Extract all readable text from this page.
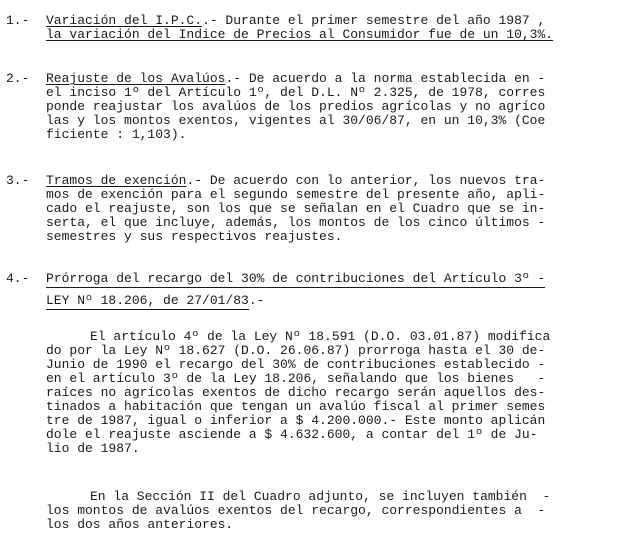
1.- Variación del I.P.C..- Durante el primer semestre del año 1987 ,
la variación del Indice de Precios al Consumidor fue de un 10,3%.
2.- Reajuste de los Avalúos.- De acuerdo a la norma establecida en -
el inciso 1º del Artículo 1º, del D.L. Nº 2.325, de 1978, corres
ponde reajustar los avalúos de los predios agrícolas y no agríco
las y los montos exentos, vigentes al 30/06/87, en un 10,3% (Coe
ficiente : 1,103).
3.- Tramos de exención.- De acuerdo con lo anterior, los nuevos tra-
mos de exención para el segundo semestre del presente año, apli-
cado el reajuste, son los que se señalan en el Cuadro que se in-
serta, el que incluye, además, los montos de los cinco últimos -
semestres y sus respectivos reajustes.
4.- Prórroga del recargo del 30% de contribuciones del Artículo 3º -
LEY Nº 18.206, de 27/01/83.-
El artículo 4º de la Ley Nº 18.591 (D.O. 03.01.87) modifica
do por la Ley Nº 18.627 (D.O. 26.06.87) prorroga hasta el 30 de-
Junio de 1990 el recargo del 30% de contribuciones establecido -
en el artículo 3º de la Ley 18.206, señalando que los bienes   -
raíces no agrícolas exentos de dicho recargo serán aquellos des-
tinados a habitación que tengan un avalúo fiscal al primer semes
tre de 1987, igual o inferior a $ 4.200.000.- Este monto aplicán
dole el reajuste asciende a $ 4.632.600, a contar del 1º de Ju-
lio de 1987.
En la Sección II del Cuadro adjunto, se incluyen también  -
los montos de avalúos exentos del recargo, correspondientes a  -
los dos años anteriores.
